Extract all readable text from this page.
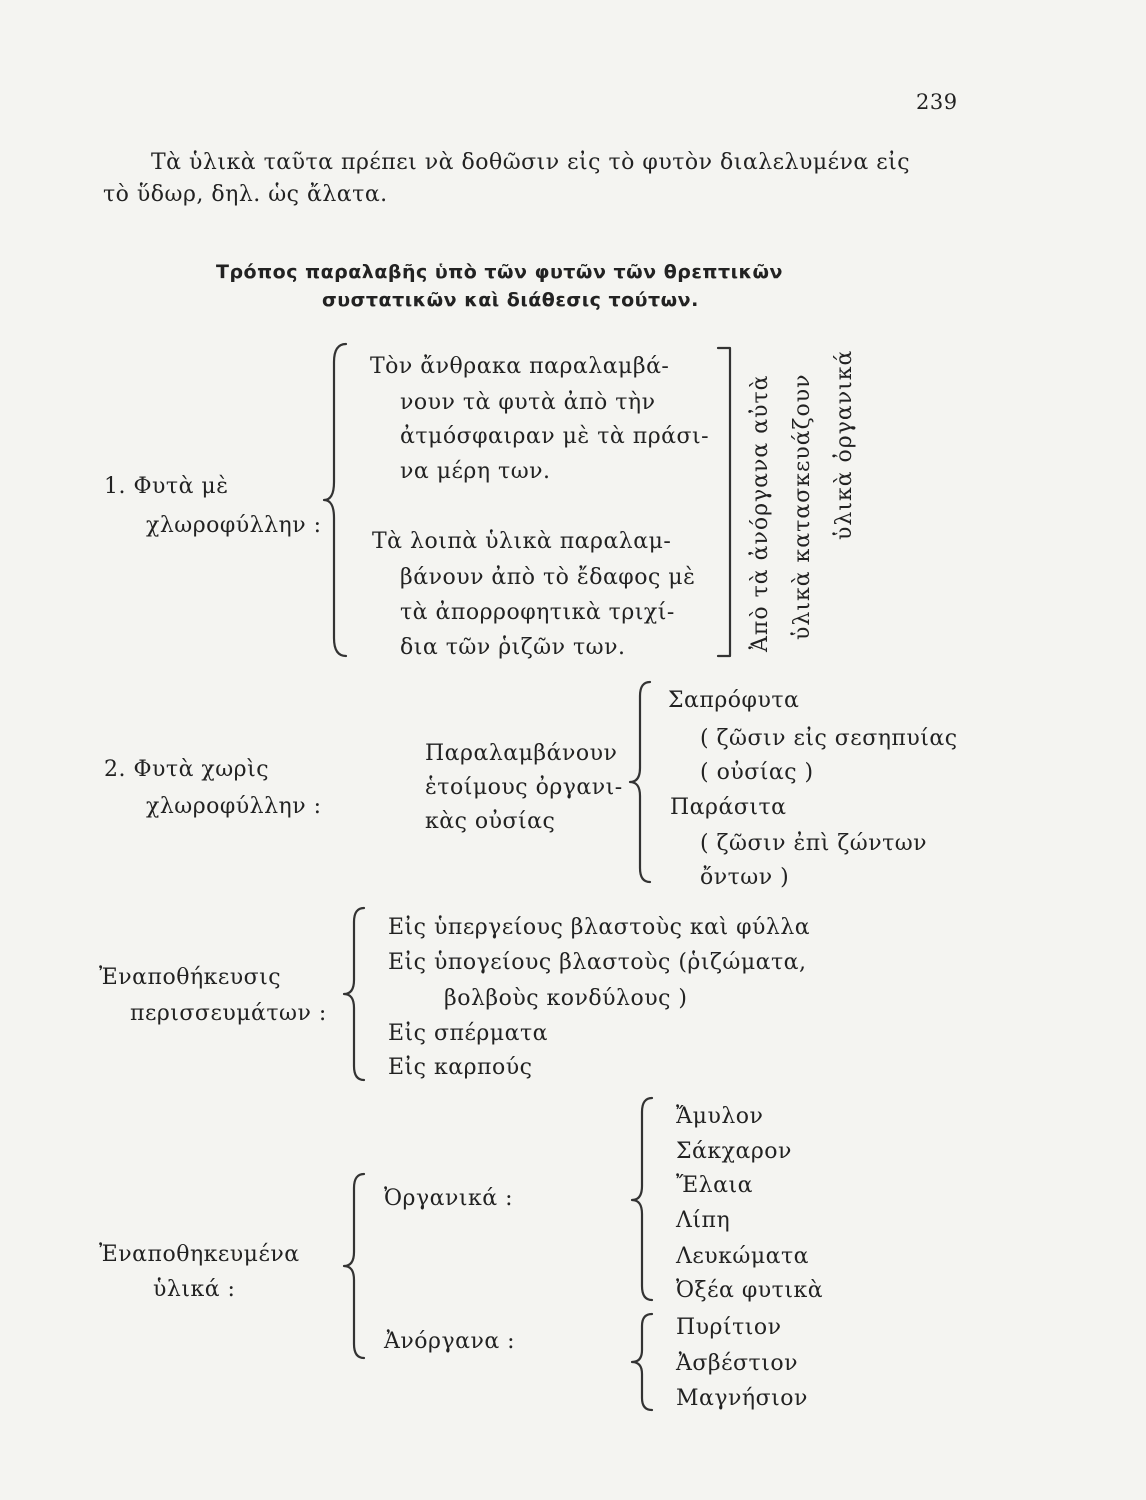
239
Τὰ ὑλικὰ ταῦτα πρέπει νὰ δοθῶσιν εἰς τὸ φυτὸν διαλελυμένα εἰς
τὸ ὕδωρ, δηλ. ὡς ἄλατα.
Τρόπος παραλαβῆς ὑπὸ τῶν φυτῶν τῶν θρεπτικῶν
συστατικῶν καὶ διάθεσις τούτων.
1. Φυτὰ μὲ
χλωροφύλλην :
Τὸν ἄνθρακα παραλαμβά-
νουν τὰ φυτὰ ἀπὸ τὴν
ἀτμόσφαιραν μὲ τὰ πράσι-
να μέρη των.
Τὰ λοιπὰ ὑλικὰ παραλαμ-
βάνουν ἀπὸ τὸ ἔδαφος μὲ
τὰ ἀπορροφητικὰ τριχί-
δια τῶν ῥιζῶν των.	Ἀπὸ τὰ ἀνόργανα αὐτὰ ὑλικὰ κατασκευάζουν ὑλικὰ ὀργανικά
2. Φυτὰ χωρὶς
χλωροφύλλην :
Παραλαμβάνουν
ἑτοίμους ὀργανι-
κὰς οὐσίας
Σαπρόφυτα
( ζῶσιν εἰς σεσηπυίας
( οὐσίας )
Παράσιτα
( ζῶσιν ἐπὶ ζώντων
ὄντων )
Ἐναποθήκευσις
περισσευμάτων :
Εἰς ὑπεργείους βλαστοὺς καὶ φύλλα
Εἰς ὑπογείους βλαστοὺς (ῥιζώματα,
βολβοὺς κονδύλους )
Εἰς σπέρματα
Εἰς καρπούς
Ἐναποθηκευμένα
ὑλικά :
Ὀργανικά :
Ἀνόργανα :
Ἄμυλον
Σάκχαρον
Ἔλαια
Λίπη
Λευκώματα
Ὀξέα φυτικὰ
Πυρίτιον
Ἀσβέστιον
Μαγνήσιον
